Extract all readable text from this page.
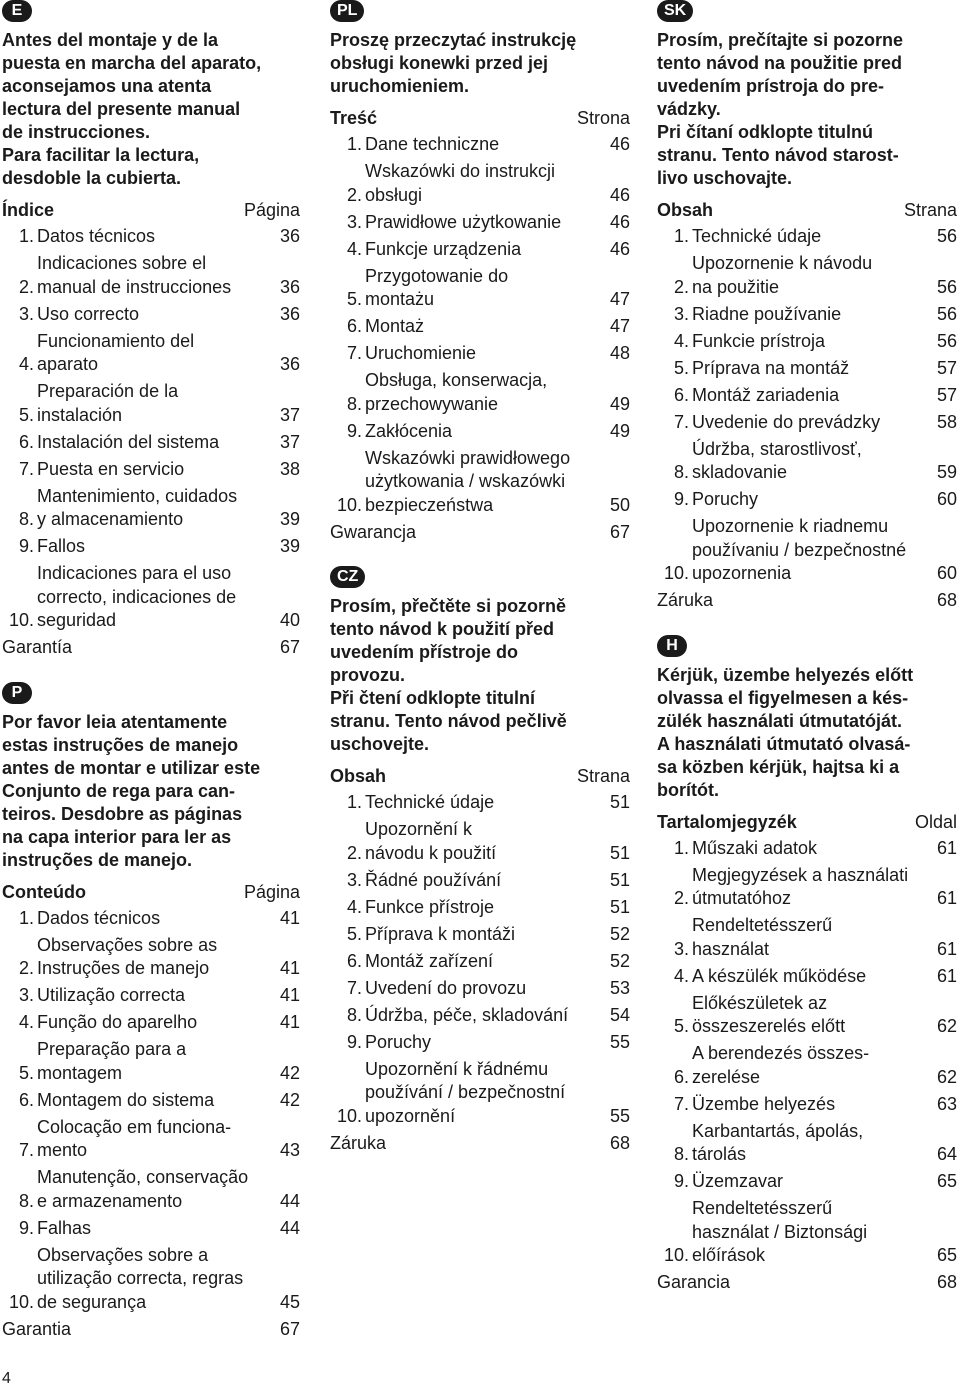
E
Antes del montaje y de la
puesta en marcha del aparato,
aconsejamos una atenta
lectura del presente manual
de instrucciones.
Para facilitar la lectura,
desdoble la cubierta.
Índice	Página
1. Datos técnicos	36
2.
Indicaciones sobre el
manual de instrucciones	36
3. Uso correcto	36
4.
Funcionamiento del
aparato	36
5.
Preparación de la
instalación	37
6. Instalación del sistema	37
7. Puesta en servicio	38
8.
Mantenimiento, cuidados
y almacenamiento	39
9. Fallos	39
10.
Indicaciones para el uso
correcto, indicaciones de
seguridad	40
Garantía	67
P
Por favor leia atentamente
estas instruções de manejo
antes de montar e utilizar este
Conjunto de rega para can-
teiros. Desdobre as páginas
na capa interior para ler as
instruções de manejo.
Conteúdo	Página
1. Dados técnicos	41
2.
Observações sobre as
Instruções de manejo	41
3. Utilização correcta	41
4. Função do aparelho	41
5.
Preparação para a
montagem	42
6. Montagem do sistema	42
7.
Colocação em funciona-
mento	43
8.
Manutenção, conservação
e armazenamento	44
9. Falhas	44
10.
Observações sobre a
utilização correcta, regras
de segurança	45
Garantia	67
PL
Proszę przeczytać instrukcję
obsługi konewki przed jej
uruchomieniem.
Treść	Strona
1. Dane techniczne	46
2.
Wskazówki do instrukcji
obsługi	46
3. Prawidłowe użytkowanie	46
4. Funkcje urządzenia	46
5.
Przygotowanie do
montażu	47
6. Montaż	47
7. Uruchomienie	48
8.
Obsługa, konserwacja,
przechowywanie	49
9. Zakłócenia	49
10.
Wskazówki prawidłowego
użytkowania / wskazówki
bezpieczeństwa	50
Gwarancja	67
CZ
Prosím, přečtěte si pozorně
tento návod k použití před
uvedením přístroje do
provozu.
Při čtení odklopte titulní
stranu. Tento návod pečlivě
uschovejte.
Obsah	Strana
1. Technické údaje	51
2.
Upozornění k
návodu k použití	51
3. Řádné používání	51
4. Funkce přístroje	51
5. Příprava k montáži	52
6. Montáž zařízení	52
7. Uvedení do provozu	53
8. Údržba, péče, skladování	54
9. Poruchy	55
10.
Upozornění k řádnému
používání / bezpečnostní
upozornění	55
Záruka	68
SK
Prosím, prečítajte si pozorne
tento návod na použitie pred
uvedením prístroja do pre-
vádzky.
Pri čítaní odklopte titulnú
stranu. Tento návod starost-
livo uschovajte.
Obsah	Strana
1. Technické údaje	56
2.
Upozornenie k návodu
na použitie	56
3. Riadne používanie	56
4. Funkcie prístroja	56
5. Príprava na montáž	57
6. Montáž zariadenia	57
7. Uvedenie do prevádzky	58
8.
Údržba, starostlivosť,
skladovanie	59
9. Poruchy	60
10.
Upozornenie k riadnemu
používaniu / bezpečnostné
upozornenia	60
Záruka	68
H
Kérjük, üzembe helyezés előtt
olvassa el figyelmesen a kés-
zülék használati útmutatóját.
A használati útmutató olvasá-
sa közben kérjük, hajtsa ki a
borítót.
Tartalomjegyzék	Oldal
1. Műszaki adatok	61
2.
Megjegyzések a használati
útmutatóhoz	61
3.
Rendeltetésszerű
használat	61
4. A készülék működése	61
5.
Előkészületek az
összeszerelés előtt	62
6.
A berendezés összes-
zerelése	62
7. Üzembe helyezés	63
8.
Karbantartás, ápolás,
tárolás	64
9. Üzemzavar	65
10.
Rendeltetésszerű
használat / Biztonsági
előírások	65
Garancia	68
4
